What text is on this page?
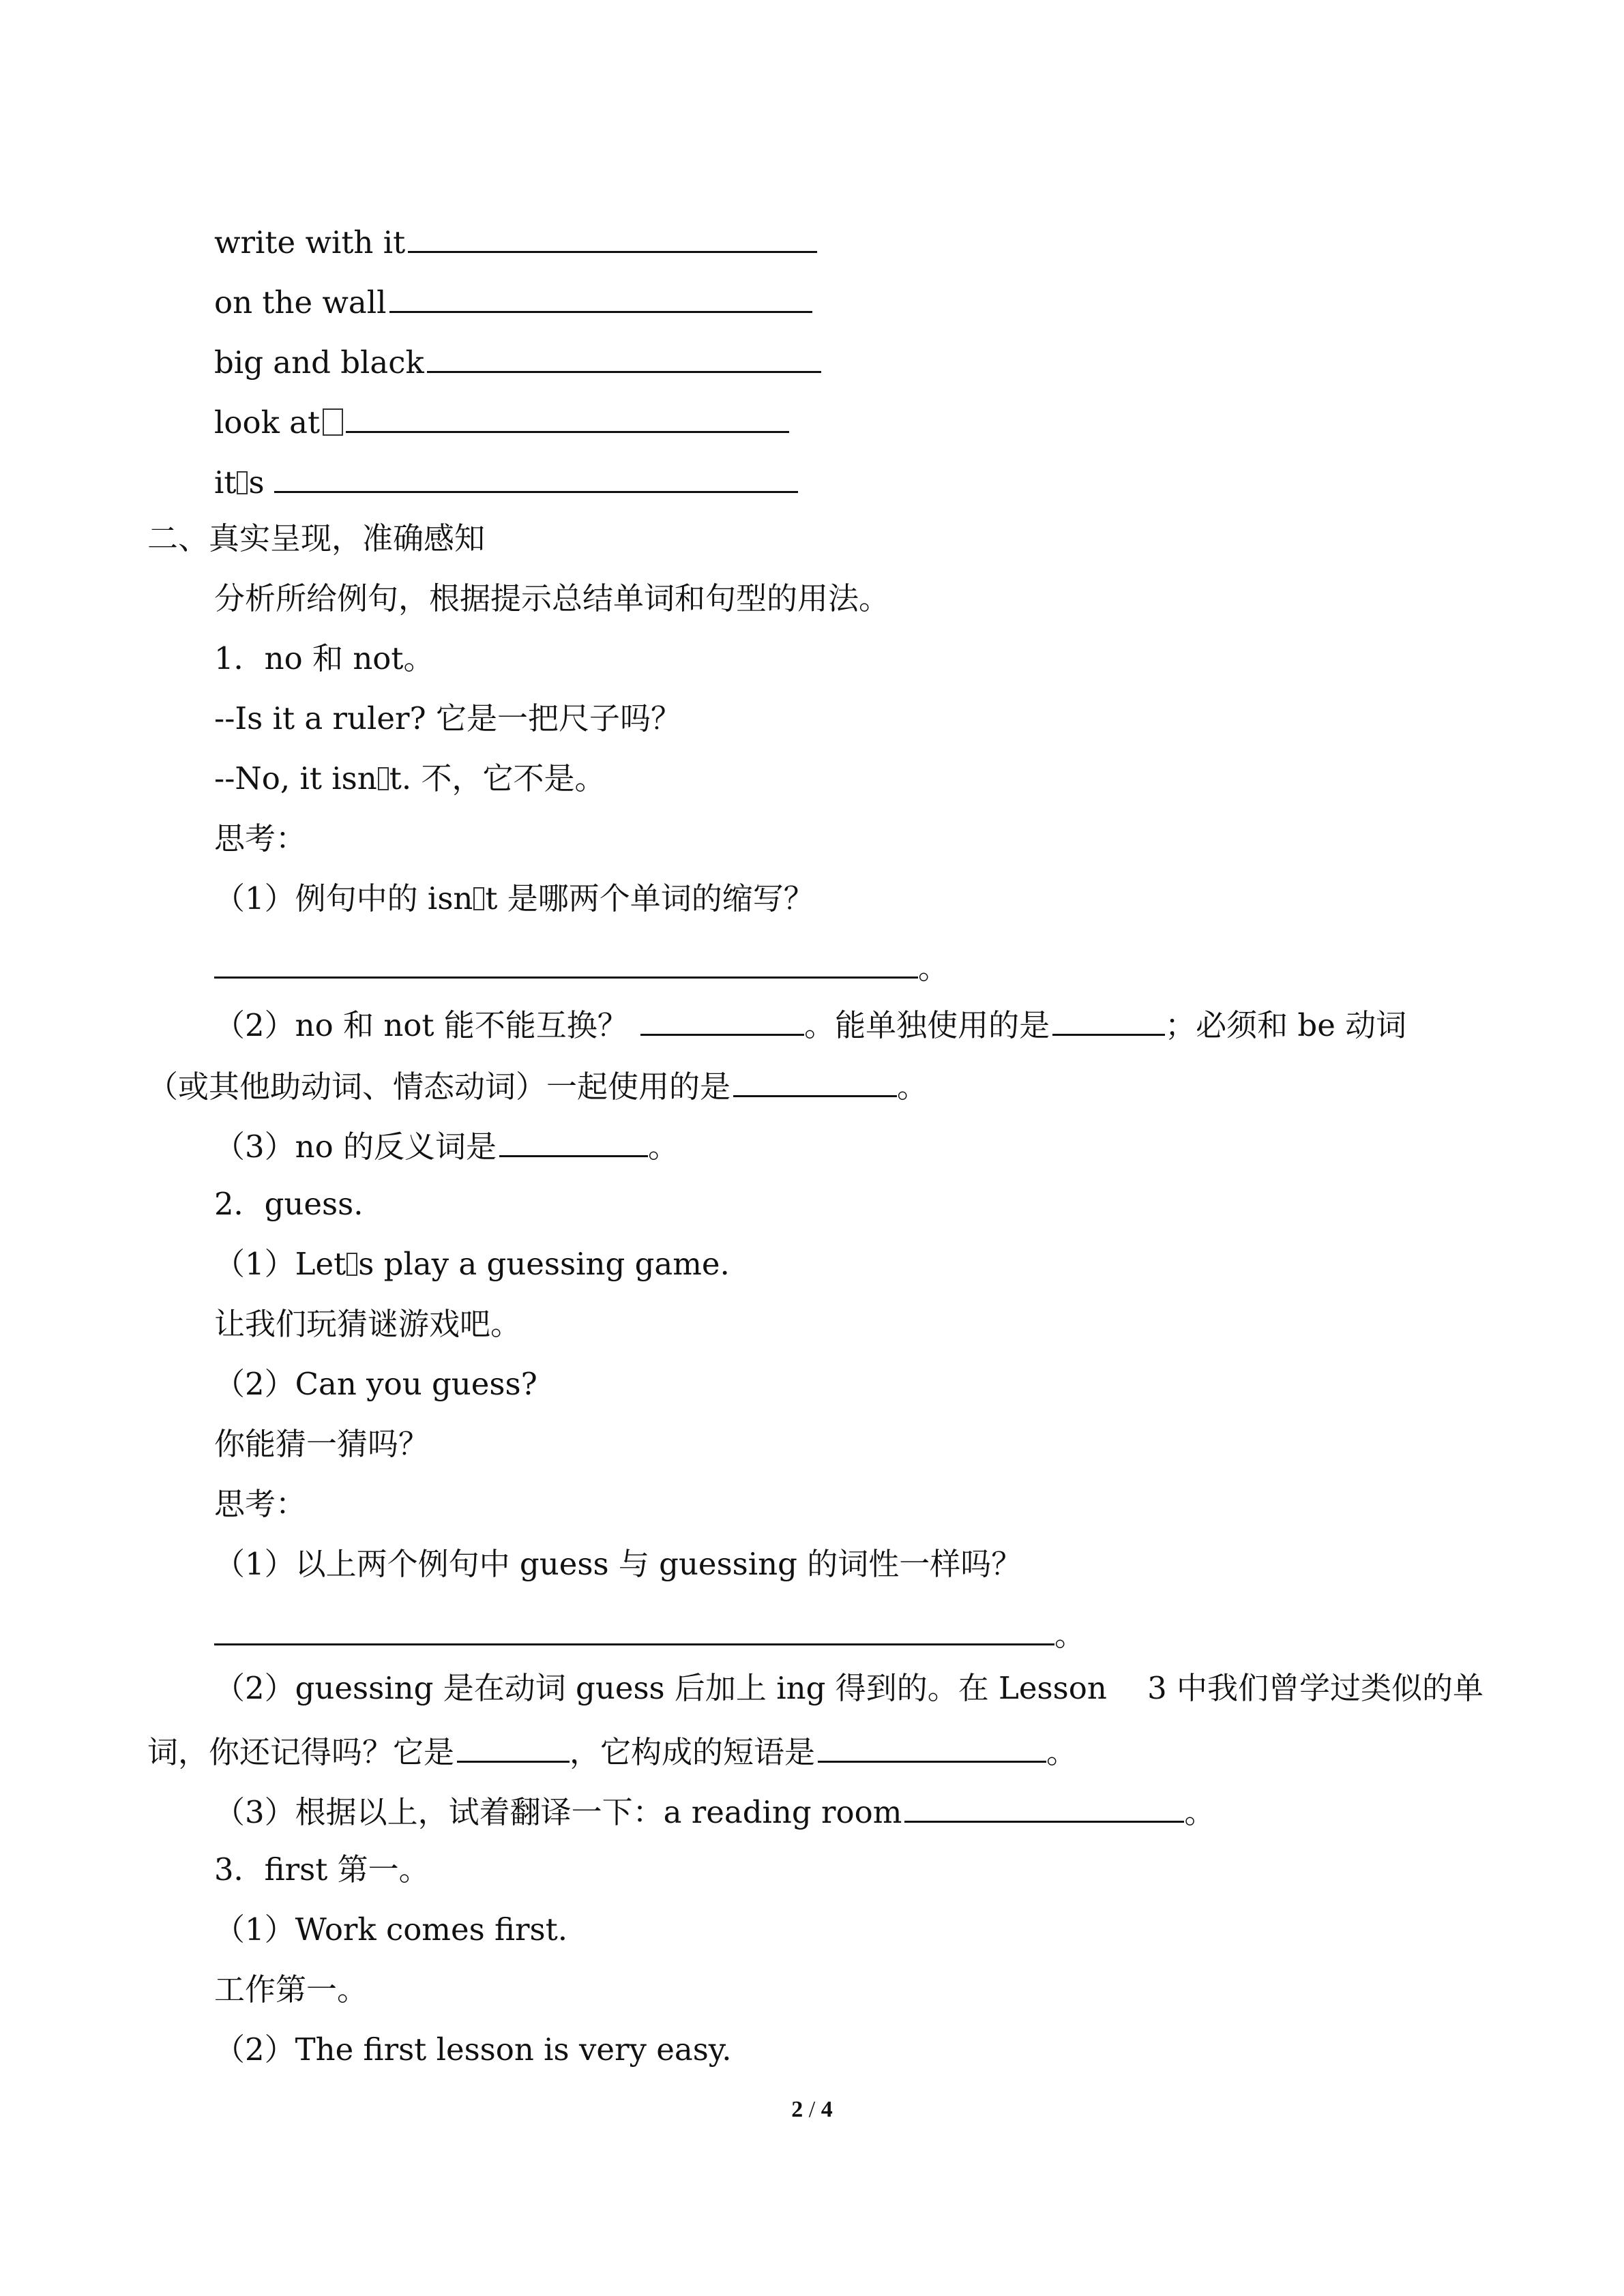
write with it
on the wall
big and black
look at
it s
二、真实呈现，准确感知
分析所给例句，根据提示总结单词和句型的用法。
1．no 和 not。
--Is it a ruler? 它是一把尺子吗？
--No, it isn t. 不，它不是。
思考：
（1）例句中的 isn t 是哪两个单词的缩写？
。
（2）no 和 not 能不能互换？	。能单独使用的是	；必须和 be 动词
（或其他助动词、情态动词）一起使用的是	。
（3）no 的反义词是	。
2．guess.
（1）Let s play a guessing game.
让我们玩猜谜游戏吧。
（2）Can you guess?
你能猜一猜吗？
思考：
（1）以上两个例句中 guess 与 guessing 的词性一样吗？
。
（2）guessing 是在动词 guess 后加上 ing 得到的。在 Lesson　 3 中我们曾学过类似的单
词，你还记得吗？它是	，它构成的短语是	。
（3）根据以上，试着翻译一下：a reading room	。
3．first 第一。
（1）Work comes first.
工作第一。
（2）The first lesson is very easy.
2 / 4
